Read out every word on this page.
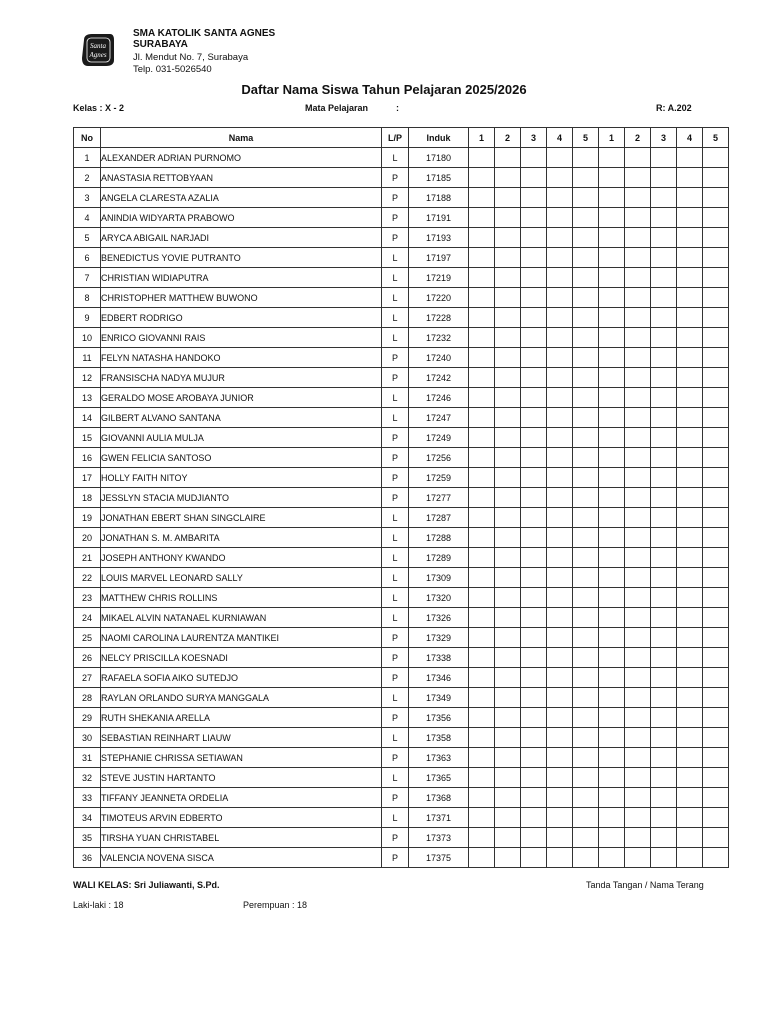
Santa
Agnes
SMA KATOLIK SANTA AGNES
SURABAYA
Jl. Mendut No. 7, Surabaya
Telp. 031-5026540
Daftar Nama Siswa Tahun Pelajaran 2025/2026
Kelas : X - 2	Mata Pelajaran	:	R: A.202
No	Nama	L/P	Induk	1	2	3	4	5	1	2	3	4	5
1	ALEXANDER ADRIAN PURNOMO	L	17180										
2	ANASTASIA RETTOBYAAN	P	17185										
3	ANGELA CLARESTA AZALIA	P	17188										
4	ANINDIA WIDYARTA PRABOWO	P	17191										
5	ARYCA ABIGAIL NARJADI	P	17193										
6	BENEDICTUS YOVIE PUTRANTO	L	17197										
7	CHRISTIAN WIDIAPUTRA	L	17219										
8	CHRISTOPHER MATTHEW BUWONO	L	17220										
9	EDBERT RODRIGO	L	17228										
10	ENRICO GIOVANNI RAIS	L	17232										
11	FELYN NATASHA HANDOKO	P	17240										
12	FRANSISCHA NADYA MUJUR	P	17242										
13	GERALDO MOSE AROBAYA JUNIOR	L	17246										
14	GILBERT ALVANO SANTANA	L	17247										
15	GIOVANNI AULIA MULJA	P	17249										
16	GWEN FELICIA SANTOSO	P	17256										
17	HOLLY FAITH NITOY	P	17259										
18	JESSLYN STACIA MUDJIANTO	P	17277										
19	JONATHAN EBERT SHAN SINGCLAIRE	L	17287										
20	JONATHAN S. M. AMBARITA	L	17288										
21	JOSEPH ANTHONY KWANDO	L	17289										
22	LOUIS MARVEL LEONARD SALLY	L	17309										
23	MATTHEW CHRIS ROLLINS	L	17320										
24	MIKAEL ALVIN NATANAEL KURNIAWAN	L	17326										
25	NAOMI CAROLINA LAURENTZA MANTIKEI	P	17329										
26	NELCY PRISCILLA KOESNADI	P	17338										
27	RAFAELA SOFIA AIKO SUTEDJO	P	17346										
28	RAYLAN ORLANDO SURYA MANGGALA	L	17349										
29	RUTH SHEKANIA ARELLA	P	17356										
30	SEBASTIAN REINHART LIAUW	L	17358										
31	STEPHANIE CHRISSA SETIAWAN	P	17363										
32	STEVE JUSTIN HARTANTO	L	17365										
33	TIFFANY JEANNETA ORDELIA	P	17368										
34	TIMOTEUS ARVIN EDBERTO	L	17371										
35	TIRSHA YUAN CHRISTABEL	P	17373										
36	VALENCIA NOVENA SISCA	P	17375										
WALI KELAS: Sri Juliawanti, S.Pd.	Tanda Tangan / Nama Terang
Laki-laki : 18	Perempuan : 18
